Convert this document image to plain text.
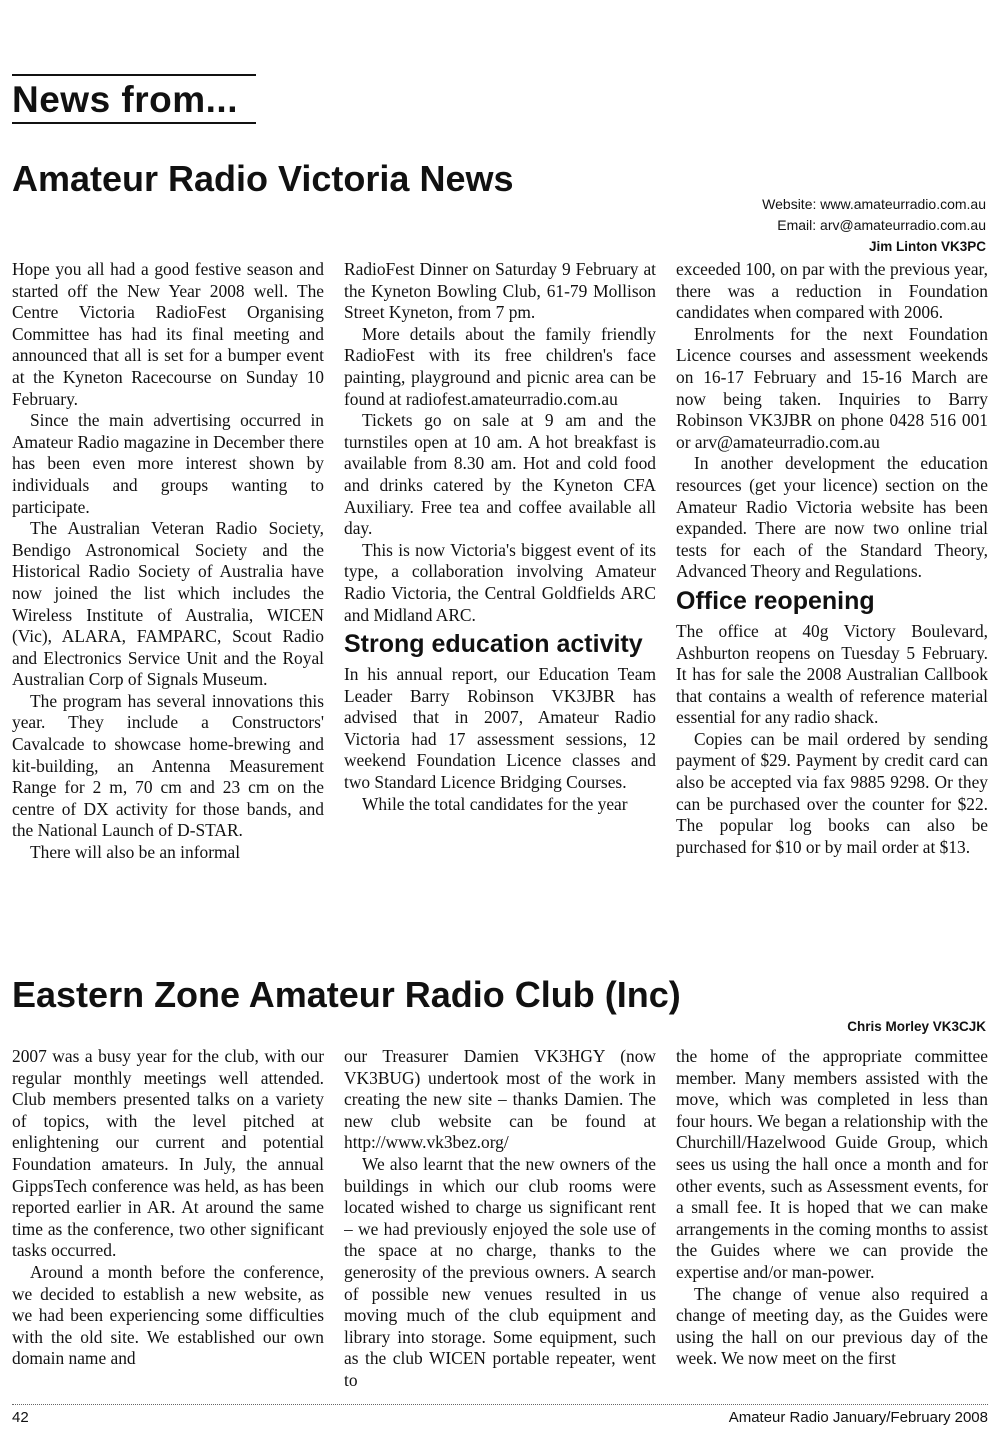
News from...
Amateur Radio Victoria News
Website: www.amateurradio.com.au
Email: arv@amateurradio.com.au
Jim Linton VK3PC

Hope you all had a good festive season and started off the New Year 2008 well. The Centre Victoria RadioFest Organising Committee has had its final meeting and announced that all is set for a bumper event at the Kyneton Racecourse on Sunday 10 February.

Since the main advertising occurred in Amateur Radio magazine in December there has been even more interest shown by individuals and groups wanting to participate.

The Australian Veteran Radio Society, Bendigo Astronomical Society and the Historical Radio Society of Australia have now joined the list which includes the Wireless Institute of Australia, WICEN (Vic), ALARA, FAMPARC, Scout Radio and Electronics Service Unit and the Royal Australian Corp of Signals Museum.

The program has several innovations this year. They include a Constructors' Cavalcade to showcase home-brewing and kit-building, an Antenna Measurement Range for 2 m, 70 cm and 23 cm on the centre of DX activity for those bands, and the National Launch of D-STAR.

There will also be an informal

RadioFest Dinner on Saturday 9 February at the Kyneton Bowling Club, 61-79 Mollison Street Kyneton, from 7 pm.

More details about the family friendly RadioFest with its free children's face painting, playground and picnic area can be found at radiofest.amateurradio.com.au

Tickets go on sale at 9 am and the turnstiles open at 10 am. A hot breakfast is available from 8.30 am. Hot and cold food and drinks catered by the Kyneton CFA Auxiliary. Free tea and coffee available all day.

This is now Victoria's biggest event of its type, a collaboration involving Amateur Radio Victoria, the Central Goldfields ARC and Midland ARC.

Strong education activity

In his annual report, our Education Team Leader Barry Robinson VK3JBR has advised that in 2007, Amateur Radio Victoria had 17 assessment sessions, 12 weekend Foundation Licence classes and two Standard Licence Bridging Courses.

While the total candidates for the year

exceeded 100, on par with the previous year, there was a reduction in Foundation candidates when compared with 2006.

Enrolments for the next Foundation Licence courses and assessment weekends on 16-17 February and 15-16 March are now being taken. Inquiries to Barry Robinson VK3JBR on phone 0428 516 001 or arv@amateurradio.com.au

In another development the education resources (get your licence) section on the Amateur Radio Victoria website has been expanded. There are now two online trial tests for each of the Standard Theory, Advanced Theory and Regulations.

Office reopening

The office at 40g Victory Boulevard, Ashburton reopens on Tuesday 5 February. It has for sale the 2008 Australian Callbook that contains a wealth of reference material essential for any radio shack.

Copies can be mail ordered by sending payment of $29. Payment by credit card can also be accepted via fax 9885 9298. Or they can be purchased over the counter for $22. The popular log books can also be purchased for $10 or by mail order at $13.

Eastern Zone Amateur Radio Club (Inc)
Chris Morley VK3CJK

2007 was a busy year for the club, with our regular monthly meetings well attended. Club members presented talks on a variety of topics, with the level pitched at enlightening our current and potential Foundation amateurs. In July, the annual GippsTech conference was held, as has been reported earlier in AR. At around the same time as the conference, two other significant tasks occurred.

Around a month before the conference, we decided to establish a new website, as we had been experiencing some difficulties with the old site. We established our own domain name and

our Treasurer Damien VK3HGY (now VK3BUG) undertook most of the work in creating the new site – thanks Damien. The new club website can be found at http://www.vk3bez.org/

We also learnt that the new owners of the buildings in which our club rooms were located wished to charge us significant rent – we had previously enjoyed the sole use of the space at no charge, thanks to the generosity of the previous owners. A search of possible new venues resulted in us moving much of the club equipment and library into storage. Some equipment, such as the club WICEN portable repeater, went to

the home of the appropriate committee member. Many members assisted with the move, which was completed in less than four hours. We began a relationship with the Churchill/Hazelwood Guide Group, which sees us using the hall once a month and for other events, such as Assessment events, for a small fee. It is hoped that we can make arrangements in the coming months to assist the Guides where we can provide the expertise and/or man-power.

The change of venue also required a change of meeting day, as the Guides were using the hall on our previous day of the week. We now meet on the first

42	Amateur Radio January/February 2008
